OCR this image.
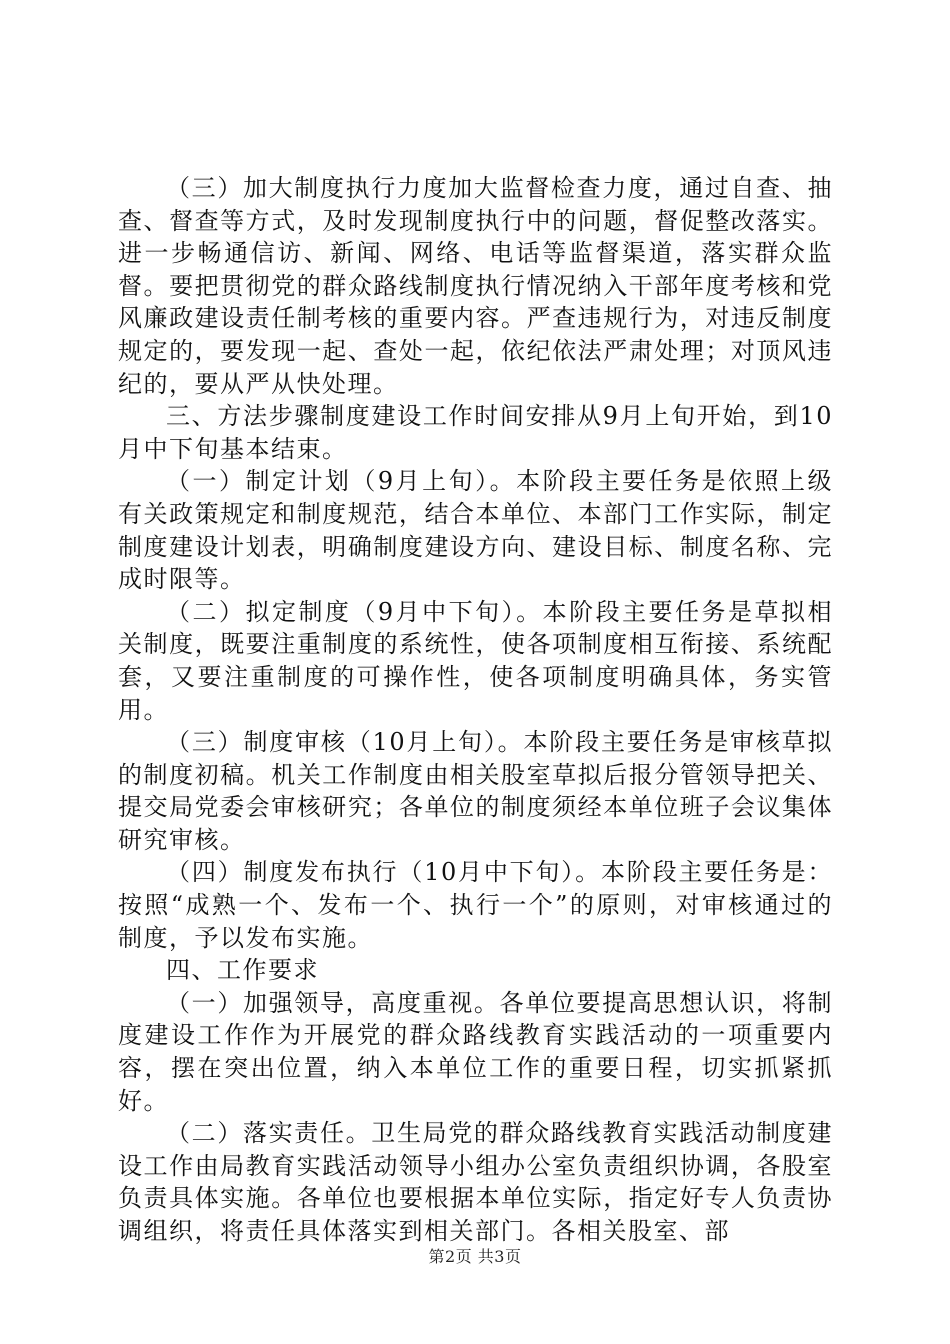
（三）加大制度执行力度加大监督检查力度，通过自查、抽查、督查等方式，及时发现制度执行中的问题，督促整改落实。进一步畅通信访、新闻、网络、电话等监督渠道，落实群众监督。要把贯彻党的群众路线制度执行情况纳入干部年度考核和党风廉政建设责任制考核的重要内容。严查违规行为，对违反制度规定的，要发现一起、查处一起，依纪依法严肃处理；对顶风违纪的，要从严从快处理。

三、方法步骤制度建设工作时间安排从9月上旬开始，到10月中下旬基本结束。

（一）制定计划（9月上旬）。本阶段主要任务是依照上级有关政策规定和制度规范，结合本单位、本部门工作实际，制定制度建设计划表，明确制度建设方向、建设目标、制度名称、完成时限等。

（二）拟定制度（9月中下旬）。本阶段主要任务是草拟相关制度，既要注重制度的系统性，使各项制度相互衔接、系统配套，又要注重制度的可操作性，使各项制度明确具体，务实管用。

（三）制度审核（10月上旬）。本阶段主要任务是审核草拟的制度初稿。机关工作制度由相关股室草拟后报分管领导把关、提交局党委会审核研究；各单位的制度须经本单位班子会议集体研究审核。

（四）制度发布执行（10月中下旬）。本阶段主要任务是：按照“成熟一个、发布一个、执行一个”的原则，对审核通过的制度，予以发布实施。

四、工作要求

（一）加强领导，高度重视。各单位要提高思想认识，将制度建设工作作为开展党的群众路线教育实践活动的一项重要内容，摆在突出位置，纳入本单位工作的重要日程，切实抓紧抓好。

（二）落实责任。卫生局党的群众路线教育实践活动制度建设工作由局教育实践活动领导小组办公室负责组织协调，各股室负责具体实施。各单位也要根据本单位实际，指定好专人负责协调组织，将责任具体落实到相关部门。各相关股室、部

第2页 共3页
